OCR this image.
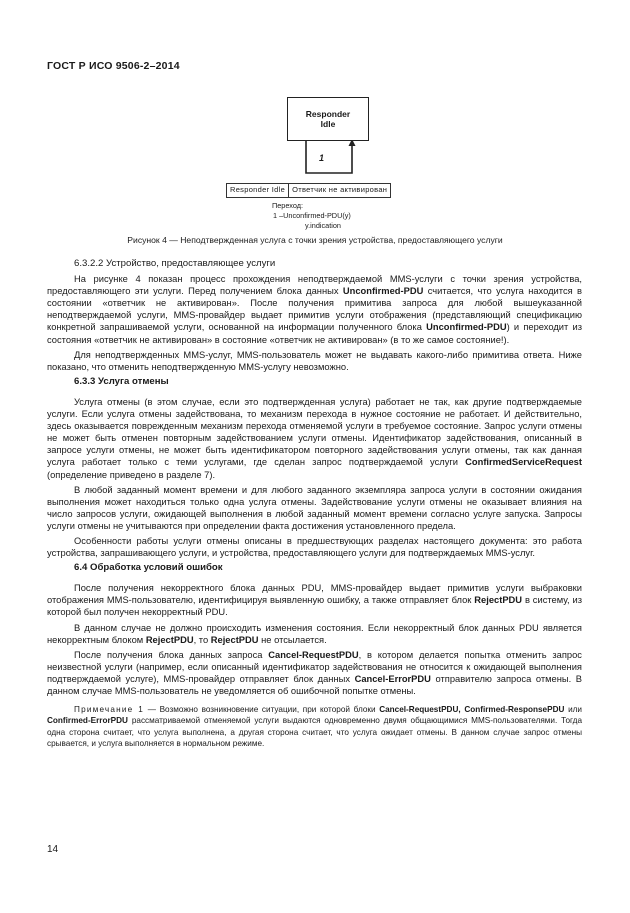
ГОСТ Р ИСО 9506-2–2014
Responder
Idle
1
Responder Idle Ответчик не активирован
Переход:
1 –Unconfirmed-PDU(y)
y.indication
Рисунок 4 — Неподтвержденная услуга с точки зрения устройства, предоставляющего услуги

6.3.2.2 Устройство, предоставляющее услуги

На рисунке 4 показан процесс прохождения неподтверждаемой MMS-услуги с точки зрения устройства, предоставляющего эти услуги. Перед получением блока данных Unconfirmed-PDU считается, что услуга находится в состоянии «ответчик не активирован». После получения примитива запроса для любой вышеуказанной неподтверждаемой услуги, MMS-провайдер выдает примитив услуги отображения (представляющий спецификацию конкретной запрашиваемой услуги, основанной на информации полученного блока Unconfirmed-PDU) и переходит из состояния «ответчик не активирован» в состояние «ответчик не активирован» (в то же самое состояние!).

Для неподтвержденных MMS-услуг, MMS-пользователь может не выдавать какого-либо примитива ответа. Ниже показано, что отменить неподтвержденную MMS-услугу невозможно.

6.3.3 Услуга отмены

Услуга отмены (в этом случае, если это подтвержденная услуга) работает не так, как другие подтверждаемые услуги. Если услуга отмены задействована, то механизм перехода в нужное состояние не работает. И действительно, здесь оказывается поврежденным механизм перехода отменяемой услуги в требуемое состояние. Запрос услуги отмены не может быть отменен повторным задействованием услуги отмены. Идентификатор задействования, описанный в запросе услуги отмены, не может быть идентификатором повторного задействования услуги отмены, так как данная услуга работает только с теми услугами, где сделан запрос подтверждаемой услуги ConfirmedServiceRequest (определение приведено в разделе 7).

В любой заданный момент времени и для любого заданного экземпляра запроса услуги в состоянии ожидания выполнения может находиться только одна услуга отмены. Задействование услуги отмены не оказывает влияния на число запросов услуги, ожидающей выполнения в любой заданный момент времени согласно услуге запуска. Запросы услуги отмены не учитываются при определении факта достижения установленного предела.

Особенности работы услуги отмены описаны в предшествующих разделах настоящего документа: это работа устройства, запрашивающего услуги, и устройства, предоставляющего услуги для подтверждаемых MMS-услуг.

6.4 Обработка условий ошибок

После получения некорректного блока данных PDU, MMS-провайдер выдает примитив услуги выбраковки отображения MMS-пользователю, идентифицируя выявленную ошибку, а также отправляет блок RejectPDU в систему, из которой был получен некорректный PDU.

В данном случае не должно происходить изменения состояния. Если некорректный блок данных PDU является некорректным блоком RejectPDU, то RejectPDU не отсылается.

После получения блока данных запроса Cancel-RequestPDU, в котором делается попытка отменить запрос неизвестной услуги (например, если описанный идентификатор задействования не относится к ожидающей выполнения подтверждаемой услуге), MMS-провайдер отправляет блок данных Cancel-ErrorPDU отправителю запроса отмены. В данном случае MMS-пользователь не уведомляется об ошибочной попытке отмены.

Примечание 1 — Возможно возникновение ситуации, при которой блоки Cancel-RequestPDU, Confirmed-ResponsePDU или Confirmed-ErrorPDU рассматриваемой отменяемой услуги выдаются одновременно двумя общающимися MMS-пользователями. Тогда одна сторона считает, что услуга выполнена, а другая сторона считает, что услуга ожидает отмены. В данном случае запрос отмены срывается, и услуга выполняется в нормальном режиме.

14
